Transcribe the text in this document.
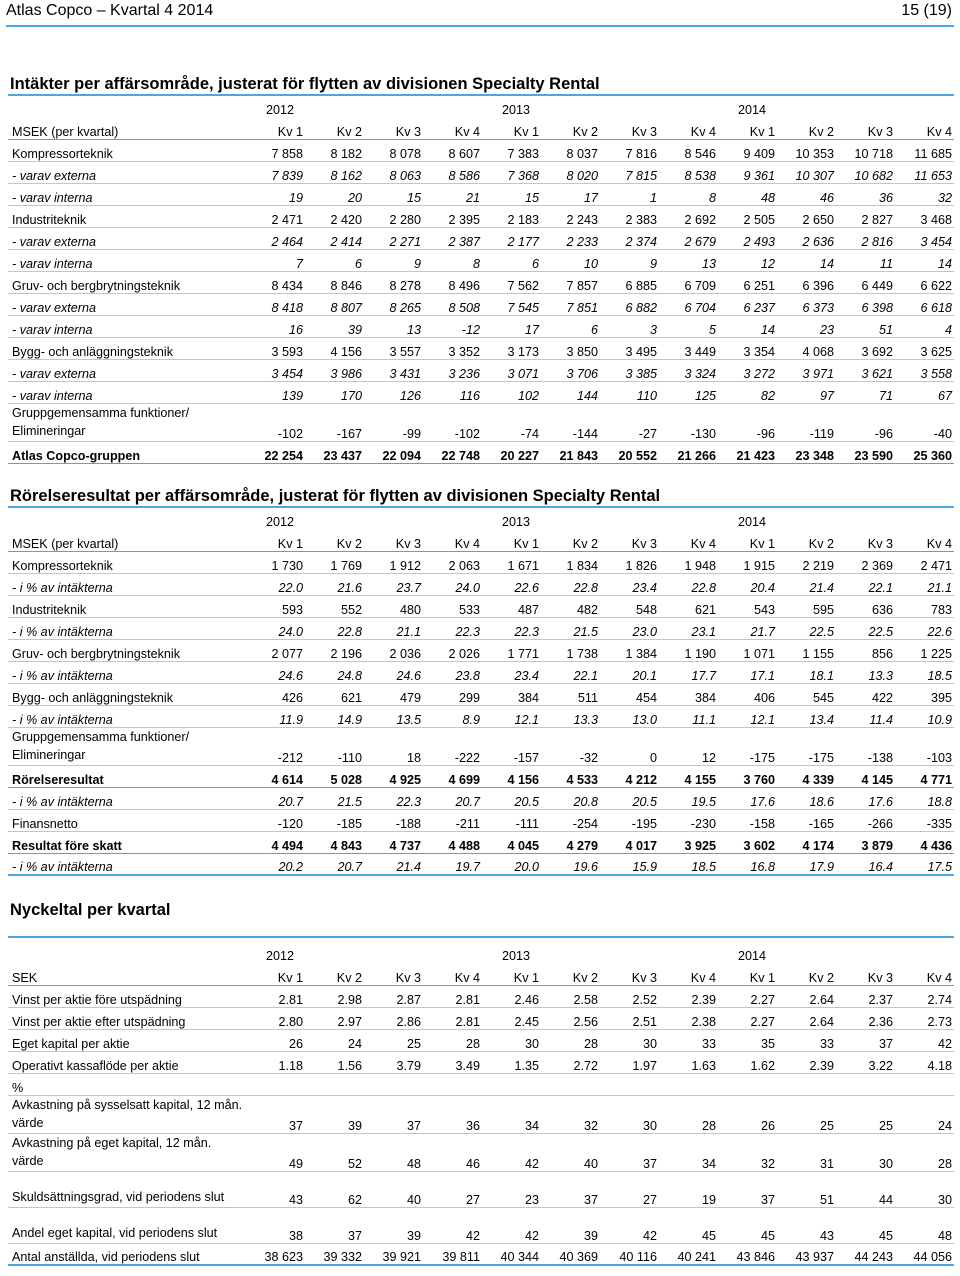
Atlas Copco – Kvartal 4 2014	15 (19)
Intäkter per affärsområde, justerat för flytten av divisionen Specialty Rental
	2012				2013				2014			
MSEK (per kvartal)	Kv 1	Kv 2	Kv 3	Kv 4	Kv 1	Kv 2	Kv 3	Kv 4	Kv 1	Kv 2	Kv 3	Kv 4
Kompressorteknik	7 858	8 182	8 078	8 607	7 383	8 037	7 816	8 546	9 409	10 353	10 718	11 685
- varav externa	7 839	8 162	8 063	8 586	7 368	8 020	7 815	8 538	9 361	10 307	10 682	11 653
- varav interna	19	20	15	21	15	17	1	8	48	46	36	32
Industriteknik	2 471	2 420	2 280	2 395	2 183	2 243	2 383	2 692	2 505	2 650	2 827	3 468
- varav externa	2 464	2 414	2 271	2 387	2 177	2 233	2 374	2 679	2 493	2 636	2 816	3 454
- varav interna	7	6	9	8	6	10	9	13	12	14	11	14
Gruv- och bergbrytningsteknik	8 434	8 846	8 278	8 496	7 562	7 857	6 885	6 709	6 251	6 396	6 449	6 622
- varav externa	8 418	8 807	8 265	8 508	7 545	7 851	6 882	6 704	6 237	6 373	6 398	6 618
- varav interna	16	39	13	-12	17	6	3	5	14	23	51	4
Bygg- och anläggningsteknik	3 593	4 156	3 557	3 352	3 173	3 850	3 495	3 449	3 354	4 068	3 692	3 625
- varav externa	3 454	3 986	3 431	3 236	3 071	3 706	3 385	3 324	3 272	3 971	3 621	3 558
- varav interna	139	170	126	116	102	144	110	125	82	97	71	67
Gruppgemensamma funktioner/ Elimineringar	-102	-167	-99	-102	-74	-144	-27	-130	-96	-119	-96	-40
Atlas Copco-gruppen	22 254	23 437	22 094	22 748	20 227	21 843	20 552	21 266	21 423	23 348	23 590	25 360
Rörelseresultat per affärsområde, justerat för flytten av divisionen Specialty Rental
	2012				2013				2014			
MSEK (per kvartal)	Kv 1	Kv 2	Kv 3	Kv 4	Kv 1	Kv 2	Kv 3	Kv 4	Kv 1	Kv 2	Kv 3	Kv 4
Kompressorteknik	1 730	1 769	1 912	2 063	1 671	1 834	1 826	1 948	1 915	2 219	2 369	2 471
- i % av intäkterna	22.0	21.6	23.7	24.0	22.6	22.8	23.4	22.8	20.4	21.4	22.1	21.1
Industriteknik	593	552	480	533	487	482	548	621	543	595	636	783
- i % av intäkterna	24.0	22.8	21.1	22.3	22.3	21.5	23.0	23.1	21.7	22.5	22.5	22.6
Gruv- och bergbrytningsteknik	2 077	2 196	2 036	2 026	1 771	1 738	1 384	1 190	1 071	1 155	856	1 225
- i % av intäkterna	24.6	24.8	24.6	23.8	23.4	22.1	20.1	17.7	17.1	18.1	13.3	18.5
Bygg- och anläggningsteknik	426	621	479	299	384	511	454	384	406	545	422	395
- i % av intäkterna	11.9	14.9	13.5	8.9	12.1	13.3	13.0	11.1	12.1	13.4	11.4	10.9
Gruppgemensamma funktioner/ Elimineringar	-212	-110	18	-222	-157	-32	0	12	-175	-175	-138	-103
Rörelseresultat	4 614	5 028	4 925	4 699	4 156	4 533	4 212	4 155	3 760	4 339	4 145	4 771
- i % av intäkterna	20.7	21.5	22.3	20.7	20.5	20.8	20.5	19.5	17.6	18.6	17.6	18.8
Finansnetto	-120	-185	-188	-211	-111	-254	-195	-230	-158	-165	-266	-335
Resultat före skatt	4 494	4 843	4 737	4 488	4 045	4 279	4 017	3 925	3 602	4 174	3 879	4 436
- i % av intäkterna	20.2	20.7	21.4	19.7	20.0	19.6	15.9	18.5	16.8	17.9	16.4	17.5
Nyckeltal per kvartal
	2012				2013				2014			
SEK	Kv 1	Kv 2	Kv 3	Kv 4	Kv 1	Kv 2	Kv 3	Kv 4	Kv 1	Kv 2	Kv 3	Kv 4
Vinst per aktie före utspädning	2.81	2.98	2.87	2.81	2.46	2.58	2.52	2.39	2.27	2.64	2.37	2.74
Vinst per aktie efter utspädning	2.80	2.97	2.86	2.81	2.45	2.56	2.51	2.38	2.27	2.64	2.36	2.73
Eget kapital per aktie	26	24	25	28	30	28	30	33	35	33	37	42
Operativt kassaflöde per aktie	1.18	1.56	3.79	3.49	1.35	2.72	1.97	1.63	1.62	2.39	3.22	4.18
%												
Avkastning på sysselsatt kapital, 12 mån. värde	37	39	37	36	34	32	30	28	26	25	25	24
Avkastning på eget kapital, 12 mån. värde	49	52	48	46	42	40	37	34	32	31	30	28
Skuldsättningsgrad, vid periodens slut	43	62	40	27	23	37	27	19	37	51	44	30
Andel eget kapital, vid periodens slut	38	37	39	42	42	39	42	45	45	43	45	48
Antal anställda, vid periodens slut	38 623	39 332	39 921	39 811	40 344	40 369	40 116	40 241	43 846	43 937	44 243	44 056
